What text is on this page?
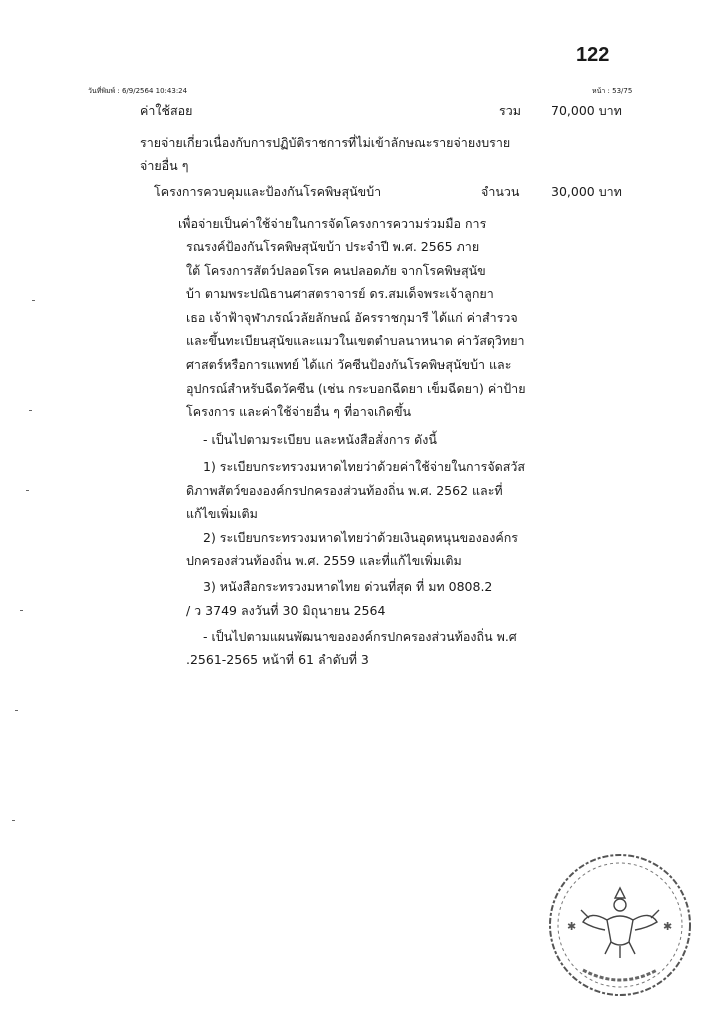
122
วันที่พิมพ์ : 6/9/2564 10:43:24	หน้า : 53/75
ค่าใช้สอย	รวม 70,000 บาท
รายจ่ายเกี่ยวเนื่องกับการปฏิบัติราชการที่ไม่เข้าลักษณะรายจ่ายงบราย
จ่ายอื่น ๆ
โครงการควบคุมและป้องกันโรคพิษสุนัขบ้า	จำนวน	30,000 บาท
เพื่อจ่ายเป็นค่าใช้จ่ายในการจัดโครงการความร่วมมือ การ
รณรงค์ป้องกันโรคพิษสุนัขบ้า ประจำปี พ.ศ. 2565 ภาย
ใต้ โครงการสัตว์ปลอดโรค คนปลอดภัย จากโรคพิษสุนัข
บ้า ตามพระปณิธานศาสตราจารย์ ดร.สมเด็จพระเจ้าลูกยา
เธอ เจ้าฟ้าจุฬาภรณ์วลัยลักษณ์ อัครราชกุมารี ได้แก่ ค่าสำรวจ
และขึ้นทะเบียนสุนัขและแมวในเขตตำบลนาหนาด ค่าวัสดุวิทยา
ศาสตร์หรือการแพทย์ ได้แก่ วัคซีนป้องกันโรคพิษสุนัขบ้า และ
อุปกรณ์สำหรับฉีดวัคซีน (เช่น กระบอกฉีดยา เข็มฉีดยา) ค่าป้าย
โครงการ และค่าใช้จ่ายอื่น ๆ ที่อาจเกิดขึ้น
- เป็นไปตามระเบียบ และหนังสือสั่งการ ดังนี้
1) ระเบียบกระทรวงมหาดไทยว่าด้วยค่าใช้จ่ายในการจัดสวัส
ดิภาพสัตว์ขององค์กรปกครองส่วนท้องถิ่น พ.ศ. 2562 และที่
แก้ไขเพิ่มเติม
2) ระเบียบกระทรวงมหาดไทยว่าด้วยเงินอุดหนุนขององค์กร
ปกครองส่วนท้องถิ่น พ.ศ. 2559 และที่แก้ไขเพิ่มเติม
3) หนังสือกระทรวงมหาดไทย ด่วนที่สุด ที่ มท 0808.2
/ ว 3749 ลงวันที่ 30 มิถุนายน 2564
- เป็นไปตามแผนพัฒนาขององค์กรปกครองส่วนท้องถิ่น พ.ศ
.2561-2565 หน้าที่ 61 ลำดับที่ 3
✱	✱
